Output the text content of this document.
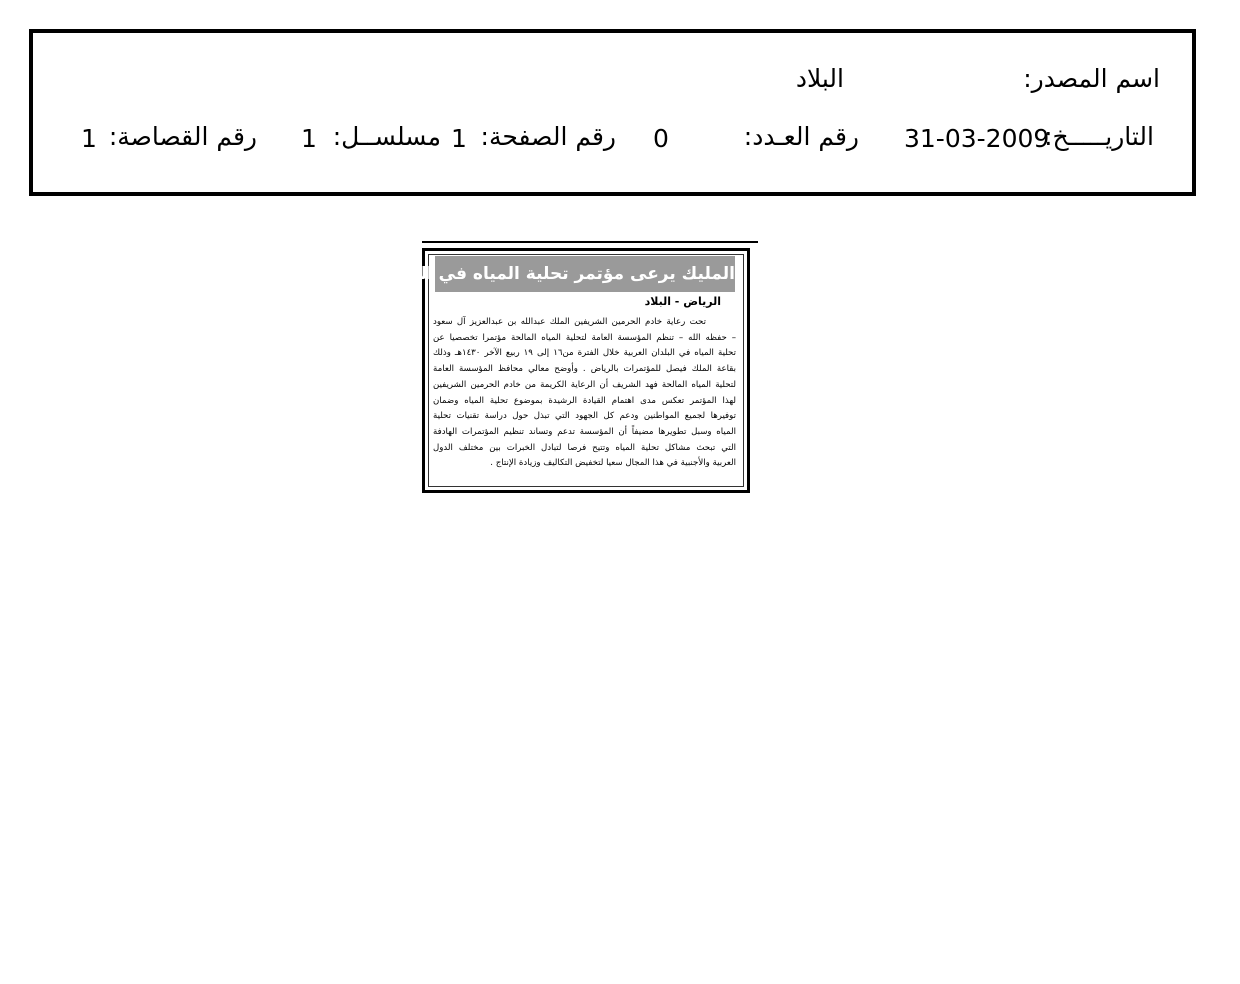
اسم المصدر:
البلاد
التاريـــــخ:
31-03-2009
رقم العـدد:
0
رقم الصفحة:
1
مسلســل:
1
رقم القصاصة:
1
المليك يرعى مؤتمر تحلية المياه في البلدان العربية
الرياض - البلاد
تحت رعاية خادم الحرمين الشريفين الملك عبدالله بن عبدالعزيز آل سعود
– حفظه الله – تنظم المؤسسة العامة لتحلية المياه المالحة مؤتمرا تخصصيا عن
تحلية المياه في البلدان العربية خلال الفترة من١٦ إلى ١٩ ربيع الآخر ١٤٣٠هـ وذلك
بقاعة الملك فيصل للمؤتمرات بالرياض . وأوضح معالي محافظ المؤسسة العامة
لتحلية المياه المالحة فهد الشريف أن الرعاية الكريمة من خادم الحرمين الشريفين
لهذا المؤتمر تعكس مدى اهتمام القيادة الرشيدة بموضوع تحلية المياه وضمان
توفيرها لجميع المواطنين ودعم كل الجهود التي تبذل حول دراسة تقنيات تحلية
المياه وسبل تطويرها مضيفاً أن المؤسسة تدعم وتساند تنظيم المؤتمرات الهادفة
التي تبحث مشاكل تحلية المياه وتتيح فرصا لتبادل الخبرات بين مختلف الدول
العربية والأجنبية في هذا المجال سعيا لتخفيض التكاليف وزيادة الإنتاج .
